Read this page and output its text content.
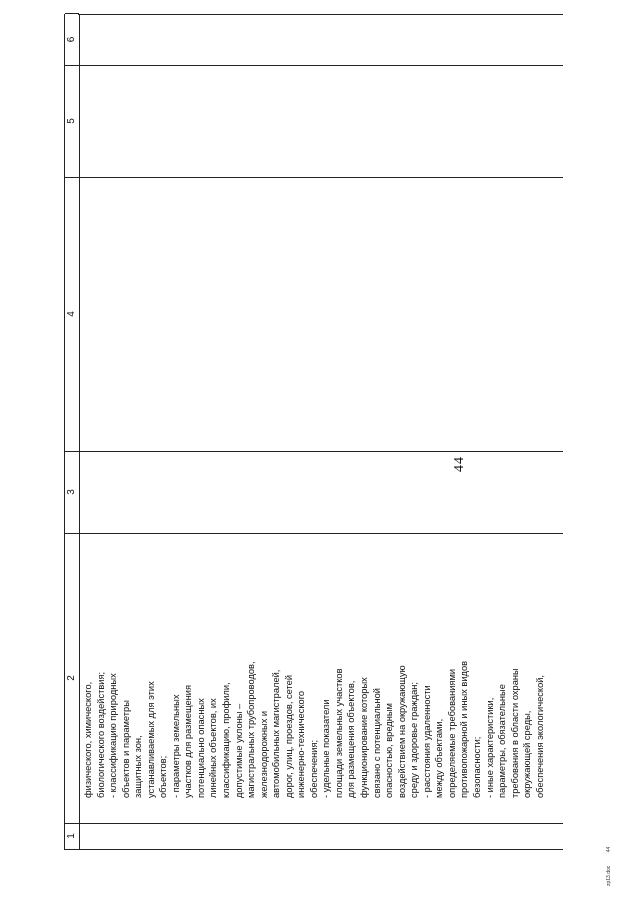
44
1
2
3
4
5
6
физического, химического, биологического воздействия; - классификацию природных объектов и параметры защитных зон, устанавливаемых для этих объектов; - параметры земельных участков для размещения потенциально опасных линейных объектов, их классификацию, профили, допустимые уклоны – магистральных трубопроводов, железнодорожных и автомобильных магистралей, дорог, улиц, проездов, сетей инженерно-технического обеспечения; - удельные показатели площади земельных участков для размещения объектов, функционирование которых связано с потенциальной опасностью, вредным воздействием на окружающую среду и здоровье граждан; - расстояния удаленности между объектами, определяемые требованиями противопожарной и иных видов безопасности; - иные характеристики, параметры, обязательные требования в области охраны окружающей среды, обеспечения экологической,
zp13.doc 44
